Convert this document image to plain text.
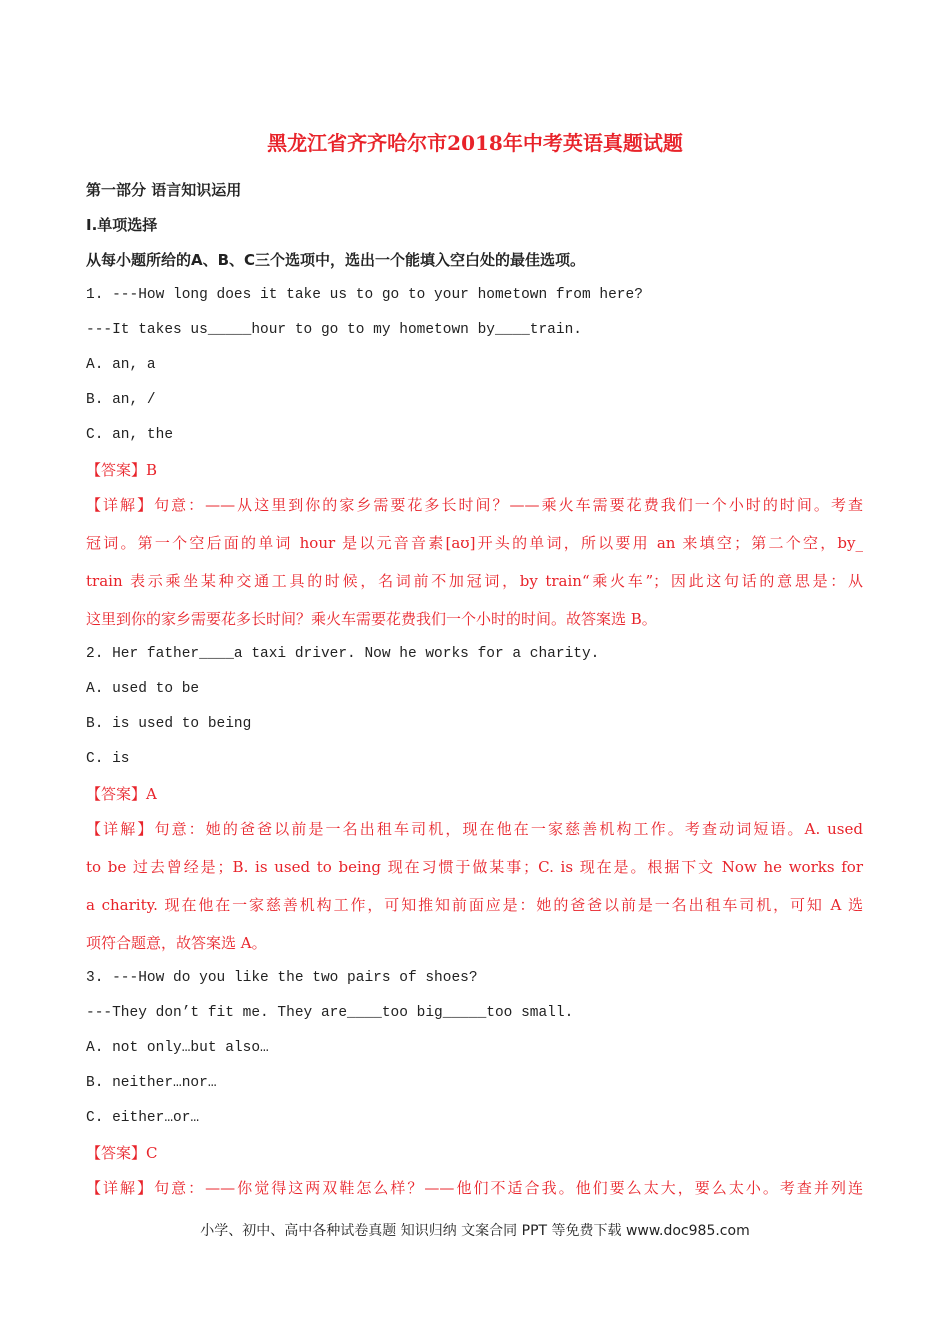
黑龙江省齐齐哈尔市2018年中考英语真题试题
第一部分 语言知识运用
Ⅰ.单项选择
从每小题所给的A、B、C三个选项中，选出一个能填入空白处的最佳选项。
1. ---How long does it take us to go to your hometown from here?
---It takes us_____hour to go to my hometown by____train.
A. an, a
B. an, /
C. an, the
【答案】B
【详解】句意：——从这里到你的家乡需要花多长时间？——乘火车需要花费我们一个小时的时间。考查
冠词。第一个空后面的单词 hour 是以元音音素[aʊ]开头的单词，所以要用 an 来填空；第二个空，by_
train 表示乘坐某种交通工具的时候，名词前不加冠词，by train“乘火车”；因此这句话的意思是：从
这里到你的家乡需要花多长时间？乘火车需要花费我们一个小时的时间。故答案选 B。
2. Her father____a taxi driver. Now he works for a charity.
A. used to be
B. is used to being
C. is
【答案】A
【详解】句意：她的爸爸以前是一名出租车司机，现在他在一家慈善机构工作。考查动词短语。A. used
to be 过去曾经是；B. is used to being 现在习惯于做某事；C. is 现在是。根据下文 Now he works for
a charity. 现在他在一家慈善机构工作，可知推知前面应是：她的爸爸以前是一名出租车司机，可知 A 选
项符合题意，故答案选 A。
3. ---How do you like the two pairs of shoes?
---They don’t fit me. They are____too big_____too small.
A. not only…but also…
B. neither…nor…
C. either…or…
【答案】C
【详解】句意：——你觉得这两双鞋怎么样？——他们不适合我。他们要么太大，要么太小。考查并列连
小学、初中、高中各种试卷真题 知识归纳 文案合同 PPT 等免费下载 www.doc985.com
